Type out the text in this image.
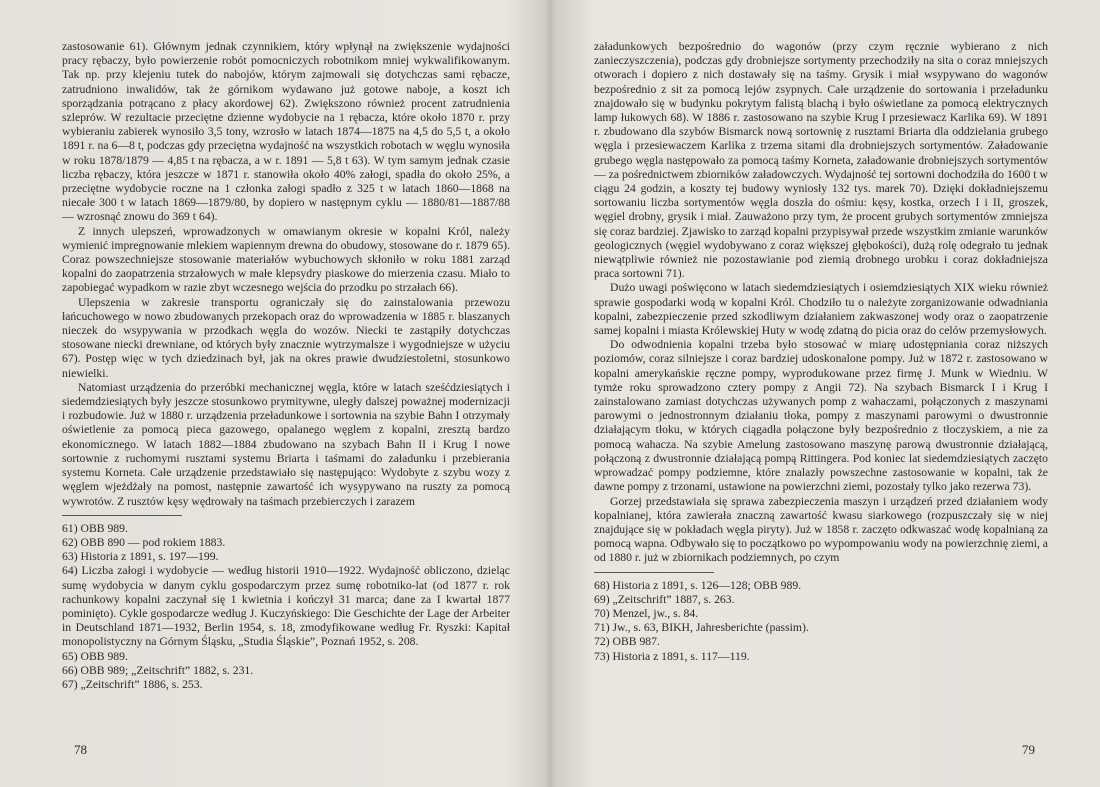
zastosowanie 61). Głównym jednak czynnikiem, który wpłynął na zwiększenie wydajności pracy rębaczy, było powierzenie robót pomocniczych robotnikom mniej wykwalifikowanym. Tak np. przy klejeniu tutek do nabojów, którym zajmowali się dotychczas sami rębacze, zatrudniono inwalidów, tak że górnikom wydawano już gotowe naboje, a koszt ich sporządzania potrącano z płacy akordowej 62). Zwiększono również procent zatrudnienia szleprów. W rezultacie przeciętne dzienne wydobycie na 1 rębacza, które około 1870 r. przy wybieraniu zabierek wynosiło 3,5 tony, wzrosło w latach 1874—1875 na 4,5 do 5,5 t, a około 1891 r. na 6—8 t, podczas gdy przeciętna wydajność na wszystkich robotach w węglu wynosiła w roku 1878/1879 — 4,85 t na rębacza, a w r. 1891 — 5,8 t 63). W tym samym jednak czasie liczba rębaczy, która jeszcze w 1871 r. stanowiła około 40% załogi, spadła do około 25%, a przeciętne wydobycie roczne na 1 członka załogi spadło z 325 t w latach 1860—1868 na niecałe 300 t w latach 1869—1879/80, by dopiero w następnym cyklu — 1880/81—1887/88 — wzrosnąć znowu do 369 t 64).

Z innych ulepszeń, wprowadzonych w omawianym okresie w kopalni Król, należy wymienić impregnowanie mlekiem wapiennym drewna do obudowy, stosowane do r. 1879 65). Coraz powszechniejsze stosowanie materiałów wybuchowych skłoniło w roku 1881 zarząd kopalni do zaopatrzenia strzałowych w małe klepsydry piaskowe do mierzenia czasu. Miało to zapobiegać wypadkom w razie zbyt wczesnego wejścia do przodku po strzałach 66).

Ulepszenia w zakresie transportu ograniczały się do zainstalowania przewozu łańcuchowego w nowo zbudowanych przekopach oraz do wprowadzenia w 1885 r. blaszanych nieczek do wsypywania w przodkach węgla do wozów. Niecki te zastąpiły dotychczas stosowane niecki drewniane, od których były znacznie wytrzymalsze i wygodniejsze w użyciu 67). Postęp więc w tych dziedzinach był, jak na okres prawie dwudziestoletni, stosunkowo niewielki.

Natomiast urządzenia do przeróbki mechanicznej węgla, które w latach sześćdziesiątych i siedemdziesiątych były jeszcze stosunkowo prymitywne, uległy dalszej poważnej modernizacji i rozbudowie. Już w 1880 r. urządzenia przeładunkowe i sortownia na szybie Bahn I otrzymały oświetlenie za pomocą pieca gazowego, opalanego węglem z kopalni, zresztą bardzo ekonomicznego. W latach 1882—1884 zbudowano na szybach Bahn II i Krug I nowe sortownie z ruchomymi rusztami systemu Briarta i taśmami do załadunku i przebierania systemu Korneta. Całe urządzenie przedstawiało się następująco: Wydobyte z szybu wozy z węglem wjeżdżały na pomost, następnie zawartość ich wysypywano na ruszty za pomocą wywrotów. Z rusztów kęsy wędrowały na taśmach przebierczych i zarazem

61) OBB 989.

62) OBB 890 — pod rokiem 1883.

63) Historia z 1891, s. 197—199.

64) Liczba załogi i wydobycie — według historii 1910—1922. Wydajność obliczono, dzieląc sumę wydobycia w danym cyklu gospodarczym przez sumę robotniko-lat (od 1877 r. rok rachunkowy kopalni zaczynał się 1 kwietnia i kończył 31 marca; dane za I kwartał 1877 pominięto). Cykle gospodarcze według J. Kuczyńskiego: Die Geschichte der Lage der Arbeiter in Deutschland 1871—1932, Berlin 1954, s. 18, zmodyfikowane według Fr. Ryszki: Kapitał monopolistyczny na Górnym Śląsku, „Studia Śląskie”, Poznań 1952, s. 208.

65) OBB 989.

66) OBB 989; „Zeitschrift” 1882, s. 231.

67) „Zeitschrift” 1886, s. 253.

78

załadunkowych bezpośrednio do wagonów (przy czym ręcznie wybierano z nich zanieczyszczenia), podczas gdy drobniejsze sortymenty przechodziły na sita o coraz mniejszych otworach i dopiero z nich dostawały się na taśmy. Grysik i miał wsypywano do wagonów bezpośrednio z sit za pomocą lejów zsypnych. Całe urządzenie do sortowania i przeładunku znajdowało się w budynku pokrytym falistą blachą i było oświetlane za pomocą elektrycznych lamp łukowych 68). W 1886 r. zastosowano na szybie Krug I przesiewacz Karlika 69). W 1891 r. zbudowano dla szybów Bismarck nową sortownię z rusztami Briarta dla oddzielania grubego węgla i przesiewaczem Karlika z trzema sitami dla drobniejszych sortymentów. Załadowanie grubego węgla następowało za pomocą taśmy Korneta, załadowanie drobniejszych sortymentów — za pośrednictwem zbiorników załadowczych. Wydajność tej sortowni dochodziła do 1600 t w ciągu 24 godzin, a koszty tej budowy wyniosły 132 tys. marek 70). Dzięki dokładniejszemu sortowaniu liczba sortymentów węgla doszła do ośmiu: kęsy, kostka, orzech I i II, groszek, węgiel drobny, grysik i miał. Zauważono przy tym, że procent grubych sortymentów zmniejsza się coraz bardziej. Zjawisko to zarząd kopalni przypisywał przede wszystkim zmianie warunków geologicznych (węgiel wydobywano z coraz większej głębokości), dużą rolę odegrało tu jednak niewątpliwie również nie pozostawianie pod ziemią drobnego urobku i coraz dokładniejsza praca sortowni 71).

Dużo uwagi poświęcono w latach siedemdziesiątych i osiemdziesiątych XIX wieku również sprawie gospodarki wodą w kopalni Król. Chodziło tu o należyte zorganizowanie odwadniania kopalni, zabezpieczenie przed szkodliwym działaniem zakwaszonej wody oraz o zaopatrzenie samej kopalni i miasta Królewskiej Huty w wodę zdatną do picia oraz do celów przemysłowych.

Do odwodnienia kopalni trzeba było stosować w miarę udostępniania coraz niższych poziomów, coraz silniejsze i coraz bardziej udoskonalone pompy. Już w 1872 r. zastosowano w kopalni amerykańskie ręczne pompy, wyprodukowane przez firmę J. Munk w Wiedniu. W tymże roku sprowadzono cztery pompy z Angii 72). Na szybach Bismarck I i Krug I zainstalowano zamiast dotychczas używanych pomp z wahaczami, połączonych z maszynami parowymi o jednostronnym działaniu tłoka, pompy z maszynami parowymi o dwustronnie działającym tłoku, w których ciągadła połączone były bezpośrednio z tłoczyskiem, a nie za pomocą wahacza. Na szybie Amelung zastosowano maszynę parową dwustronnie działającą, połączoną z dwustronnie działającą pompą Rittingera. Pod koniec lat siedemdziesiątych zaczęto wprowadzać pompy podziemne, które znalazły powszechne zastosowanie w kopalni, tak że dawne pompy z trzonami, ustawione na powierzchni ziemi, pozostały tylko jako rezerwa 73).

Gorzej przedstawiała się sprawa zabezpieczenia maszyn i urządzeń przed działaniem wody kopalnianej, która zawierała znaczną zawartość kwasu siarkowego (rozpuszczały się w niej znajdujące się w pokładach węgla piryty). Już w 1858 r. zaczęto odkwaszać wodę kopalnianą za pomocą wapna. Odbywało się to początkowo po wypompowaniu wody na powierzchnię ziemi, a od 1880 r. już w zbiornikach podziemnych, po czym

68) Historia z 1891, s. 126—128; OBB 989.

69) „Zeitschrift” 1887, s. 263.

70) Menzel, jw., s. 84.

71) Jw., s. 63, BIKH, Jahresberichte (passim).

72) OBB 987.

73) Historia z 1891, s. 117—119.

79
